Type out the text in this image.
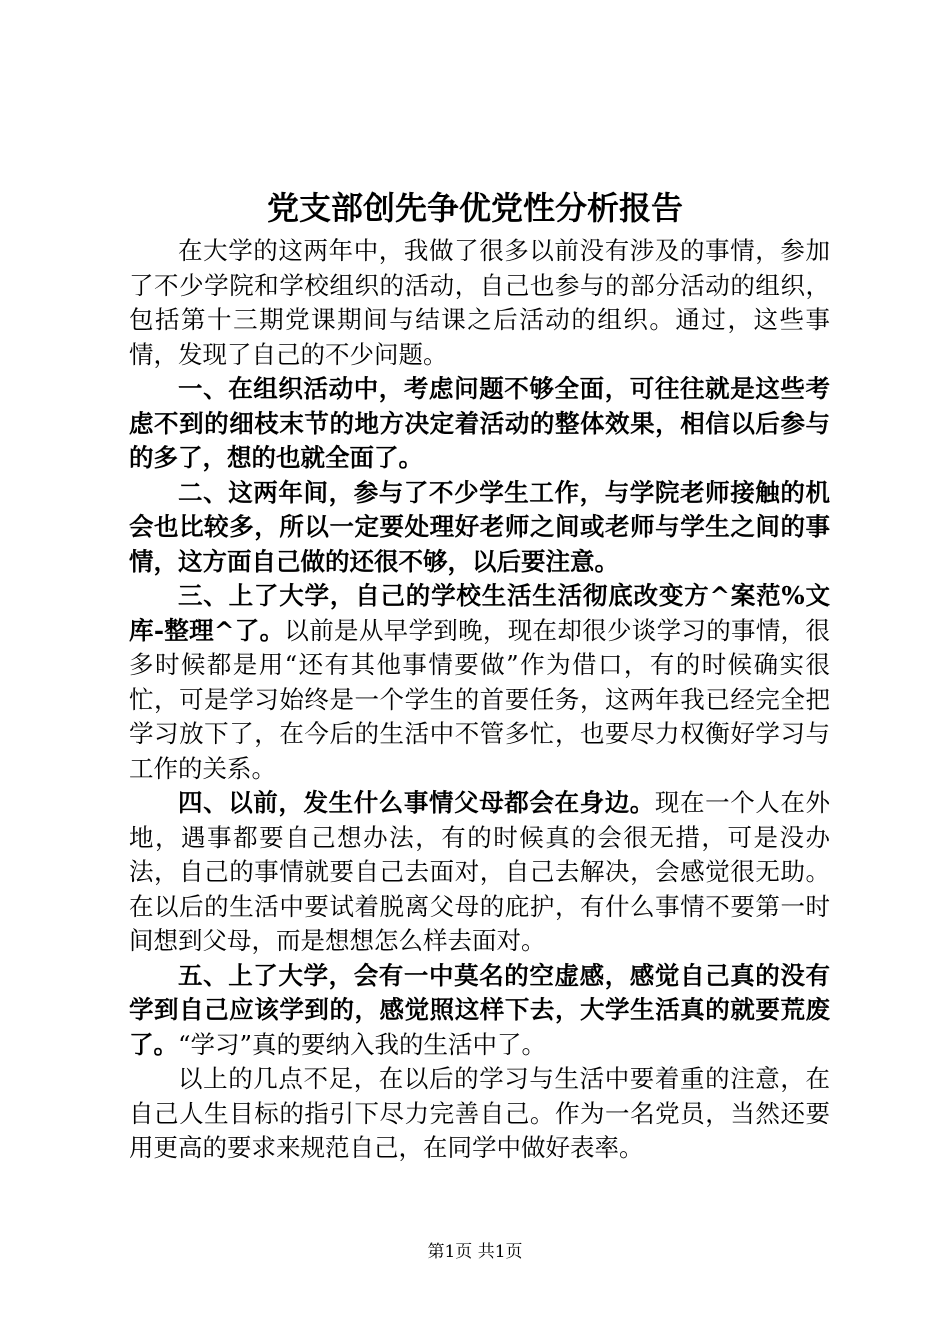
党支部创先争优党性分析报告

在大学的这两年中，我做了很多以前没有涉及的事情，参加了不少学院和学校组织的活动，自己也参与的部分活动的组织，包括第十三期党课期间与结课之后活动的组织。通过，这些事情，发现了自己的不少问题。

一、在组织活动中，考虑问题不够全面，可往往就是这些考虑不到的细枝末节的地方决定着活动的整体效果，相信以后参与的多了，想的也就全面了。

二、这两年间，参与了不少学生工作，与学院老师接触的机会也比较多，所以一定要处理好老师之间或老师与学生之间的事情，这方面自己做的还很不够，以后要注意。

三、上了大学，自己的学校生活生活彻底改变方^案范%文库-整理^了。以前是从早学到晚，现在却很少谈学习的事情，很多时候都是用“还有其他事情要做”作为借口，有的时候确实很忙，可是学习始终是一个学生的首要任务，这两年我已经完全把学习放下了，在今后的生活中不管多忙，也要尽力权衡好学习与工作的关系。

四、以前，发生什么事情父母都会在身边。现在一个人在外地，遇事都要自己想办法，有的时候真的会很无措，可是没办法，自己的事情就要自己去面对，自己去解决，会感觉很无助。在以后的生活中要试着脱离父母的庇护，有什么事情不要第一时间想到父母，而是想想怎么样去面对。

五、上了大学，会有一中莫名的空虚感，感觉自己真的没有学到自己应该学到的，感觉照这样下去，大学生活真的就要荒废了。“学习”真的要纳入我的生活中了。

以上的几点不足，在以后的学习与生活中要着重的注意，在自己人生目标的指引下尽力完善自己。作为一名党员，当然还要用更高的要求来规范自己，在同学中做好表率。

第1页 共1页
